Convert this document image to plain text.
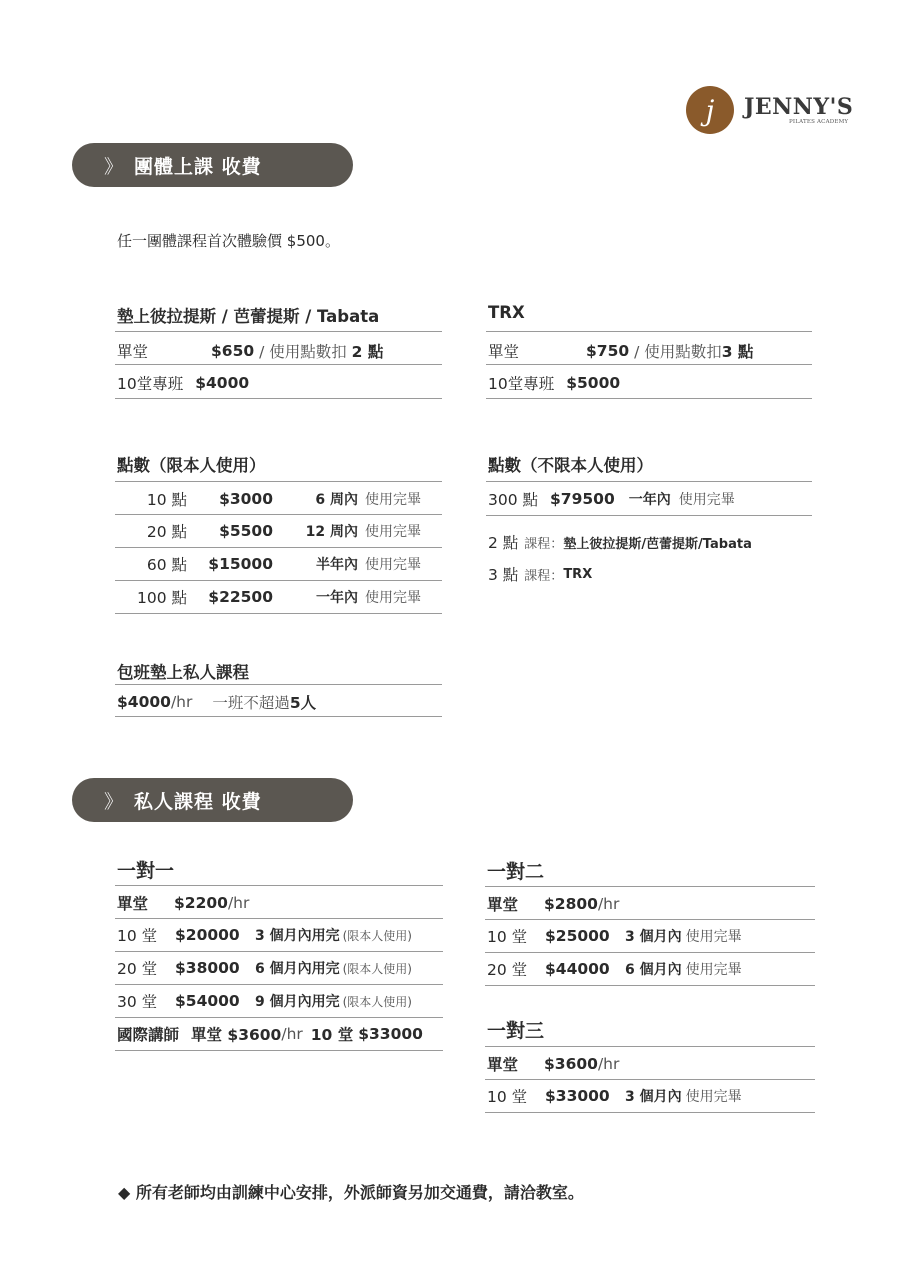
j	JENNY'S
PILATES ACADEMY
》 團體上課 收費
任一團體課程首次體驗價 $500。
墊上彼拉提斯 / 芭蕾提斯 / Tabata
單堂	$650 / 使用點數扣 2 點
10堂專班 $4000
TRX
單堂	$750 / 使用點數扣 3 點
10堂專班 $5000
點數（限本人使用）
10 點	$3000	6 周內 使用完畢
20 點	$5500	12 周內 使用完畢
60 點	$15000	半年內 使用完畢
100 點	$22500	一年內 使用完畢
點數（不限本人使用）
300 點 $79500 一年內 使用完畢
2 點 課程： 墊上彼拉提斯/芭蕾提斯/Tabata
3 點 課程： TRX
包班墊上私人課程
$4000 /hr 一班不超過 5人
》 私人課程 收費
一對一
單堂	$2200 /hr
10 堂	$20000	3 個月內用完 (限本人使用)
20 堂	$38000	6 個月內用完 (限本人使用)
30 堂	$54000	9 個月內用完 (限本人使用)
國際講師 單堂 $3600 /hr 10 堂 $33000
一對二
單堂	$2800 /hr
10 堂	$25000	3 個月內 使用完畢
20 堂	$44000	6 個月內 使用完畢
一對三
單堂	$3600 /hr
10 堂	$33000	3 個月內 使用完畢
◆ 所有老師均由訓練中心安排，外派師資另加交通費，請洽教室。
